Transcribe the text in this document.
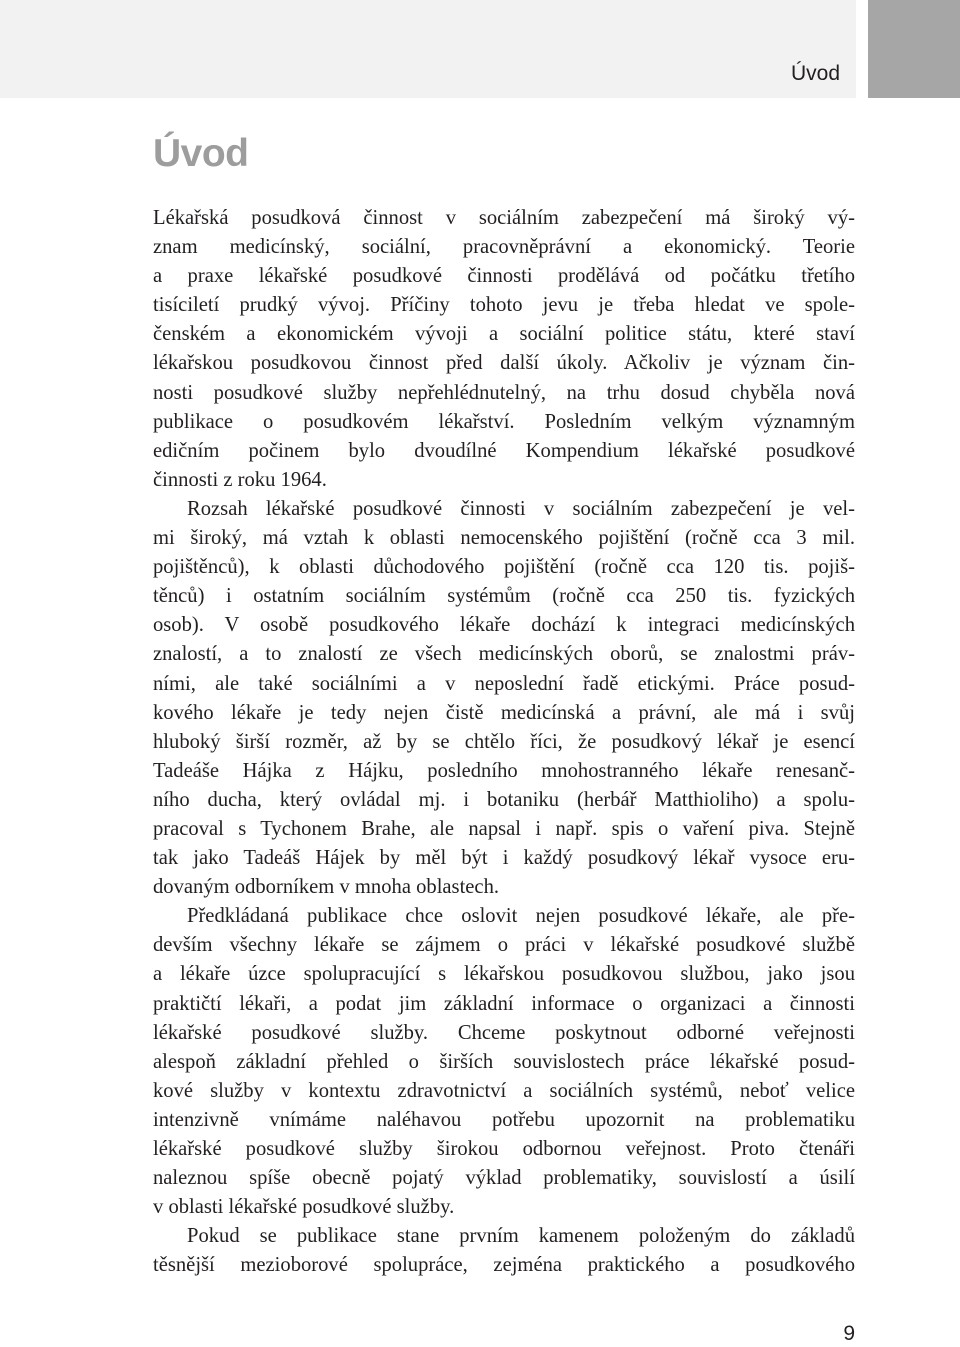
Úvod
Úvod
Lékařská posudková činnost v sociálním zabezpečení má široký vý-
znam medicínský, sociální, pracovněprávní a ekonomický. Teorie
a praxe lékařské posudkové činnosti prodělává od počátku třetího
tisíciletí prudký vývoj. Příčiny tohoto jevu je třeba hledat ve spole-
čenském a ekonomickém vývoji a sociální politice státu, které staví
lékařskou posudkovou činnost před další úkoly. Ačkoliv je význam čin-
nosti posudkové služby nepřehlédnutelný, na trhu dosud chyběla nová
publikace o posudkovém lékařství. Posledním velkým významným
edičním počinem bylo dvoudílné Kompendium lékařské posudkové
činnosti z roku 1964.
Rozsah lékařské posudkové činnosti v sociálním zabezpečení je vel-
mi široký, má vztah k oblasti nemocenského pojištění (ročně cca 3 mil.
pojištěnců), k oblasti důchodového pojištění (ročně cca 120 tis. pojiš-
těnců) i ostatním sociálním systémům (ročně cca 250 tis. fyzických
osob). V osobě posudkového lékaře dochází k integraci medicínských
znalostí, a to znalostí ze všech medicínských oborů, se znalostmi práv-
ními, ale také sociálními a v neposlední řadě etickými. Práce posud-
kového lékaře je tedy nejen čistě medicínská a právní, ale má i svůj
hluboký širší rozměr, až by se chtělo říci, že posudkový lékař je esencí
Tadeáše Hájka z Hájku, posledního mnohostranného lékaře renesanč-
ního ducha, který ovládal mj. i botaniku (herbář Matthioliho) a spolu-
pracoval s Tychonem Brahe, ale napsal i např. spis o vaření piva. Stejně
tak jako Tadeáš Hájek by měl být i každý posudkový lékař vysoce eru-
dovaným odborníkem v mnoha oblastech.
Předkládaná publikace chce oslovit nejen posudkové lékaře, ale pře-
devším všechny lékaře se zájmem o práci v lékařské posudkové službě
a lékaře úzce spolupracující s lékařskou posudkovou službou, jako jsou
praktičtí lékaři, a podat jim základní informace o organizaci a činnosti
lékařské posudkové služby. Chceme poskytnout odborné veřejnosti
alespoň základní přehled o širších souvislostech práce lékařské posud-
kové služby v kontextu zdravotnictví a sociálních systémů, neboť velice
intenzivně vnímáme naléhavou potřebu upozornit na problematiku
lékařské posudkové služby širokou odbornou veřejnost. Proto čtenáři
naleznou spíše obecně pojatý výklad problematiky, souvislostí a úsilí
v oblasti lékařské posudkové služby.
Pokud se publikace stane prvním kamenem položeným do základů
těsnější mezioborové spolupráce, zejména praktického a posudkového
9
